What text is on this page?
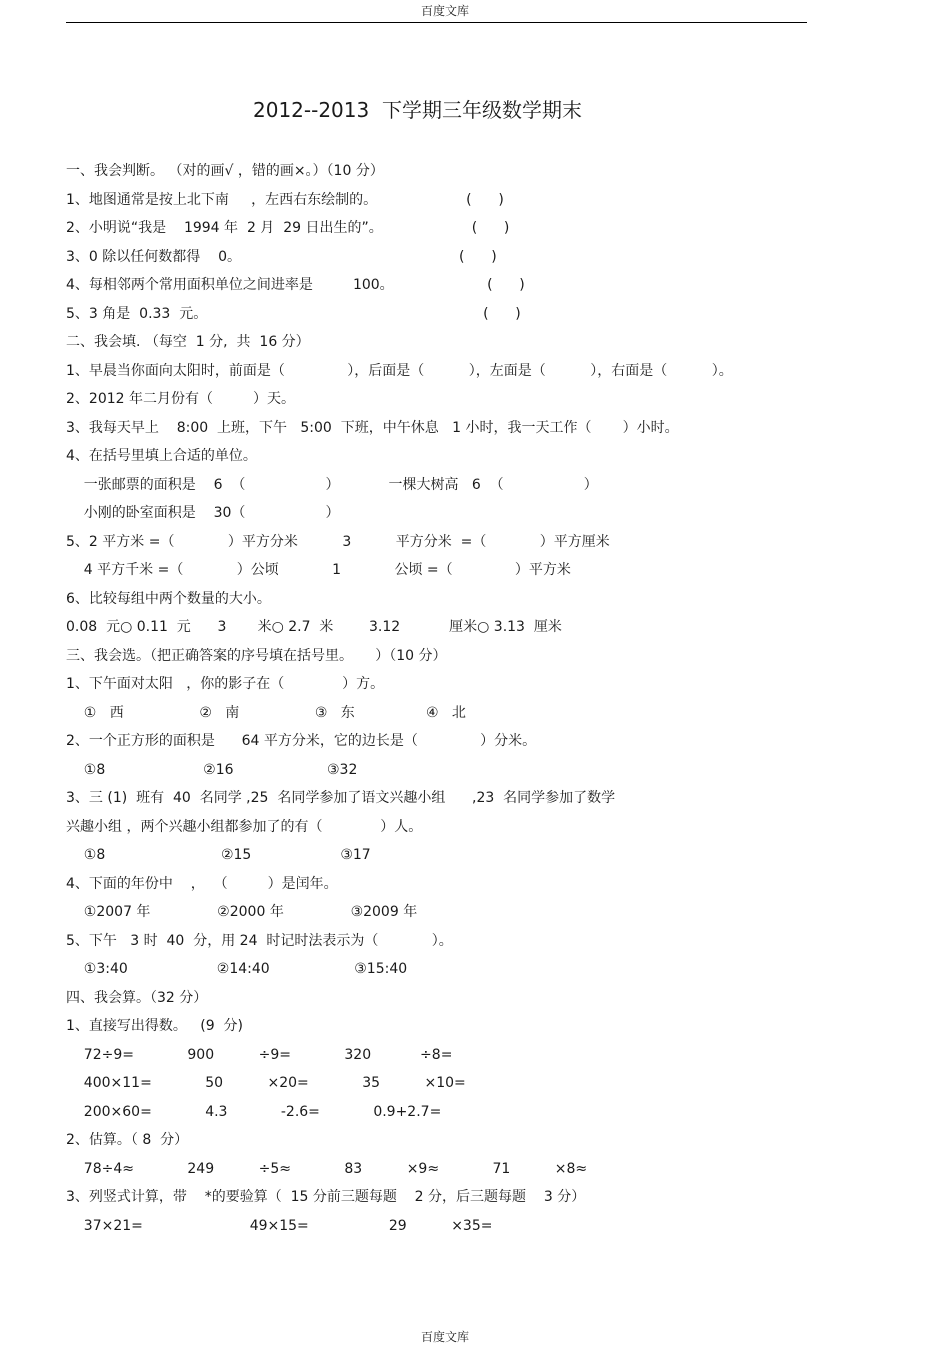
百度文库
2012--2013  下学期三年级数学期末
一、我会判断。 （对的画√ ，错的画×。）（10 分）
1、地图通常是按上北下南     ，左西右东绘制的。                    (      )
2、小明说“我是    1994 年  2 月  29 日出生的”。                    (      )
3、0 除以任何数都得    0。                                                 (      )
4、每相邻两个常用面积单位之间进率是         100。                     (      )
5、3 角是  0.33  元。                                                              (      )
二、我会填. （每空  1 分,  共  16 分）
1、早晨当你面向太阳时，前面是（              ），后面是（          ），左面是（          ），右面是（          ）。
2、2012 年二月份有（         ）天。
3、我每天早上    8:00  上班，下午   5:00  下班，中午休息   1 小时，我一天工作（       ）小时。
4、在括号里填上合适的单位。
一张邮票的面积是    6  （                  ）           一棵大树高   6  （                  ）
小刚的卧室面积是    30（                  ）
5、2 平方米 =（            ）平方分米          3          平方分米  =（            ）平方厘米
4 平方千米 =（            ）公顷            1            公顷 =（              ）平方米
6、比较每组中两个数量的大小。
0.08  元○ 0.11  元      3       米○ 2.7  米        3.12           厘米○ 3.13  厘米
三、我会选。（把正确答案的序号填在括号里。     ）（10 分）
1、下午面对太阳   ，你的影子在（             ）方。
①   西                 ②   南                 ③   东                ④   北
2、一个正方形的面积是      64 平方分米，它的边长是（              ）分米。
①8                      ②16                     ③32
3、三 (1)  班有  40  名同学 ,25  名同学参加了语文兴趣小组      ,23  名同学参加了数学
兴趣小组 ，两个兴趣小组都参加了的有（             ）人。
①8                          ②15                    ③17
4、下面的年份中    ，  （         ）是闰年。
①2007 年               ②2000 年               ③2009 年
5、下午   3 时  40  分，用 24  时记时法表示为（            ）。
①3:40                    ②14:40                   ③15:40
四、我会算。（32 分）
1、直接写出得数。   (9  分)
72÷9=            900          ÷9=            320           ÷8=
400×11=            50          ×20=            35          ×10=
200×60=            4.3            -2.6=            0.9+2.7=
2、估算。（ 8  分）
78÷4≈            249          ÷5≈            83          ×9≈            71          ×8≈
3、列竖式计算，带    *的要验算（  15 分前三题每题    2 分，后三题每题    3 分）
37×21=                        49×15=                  29          ×35=
百度文库
